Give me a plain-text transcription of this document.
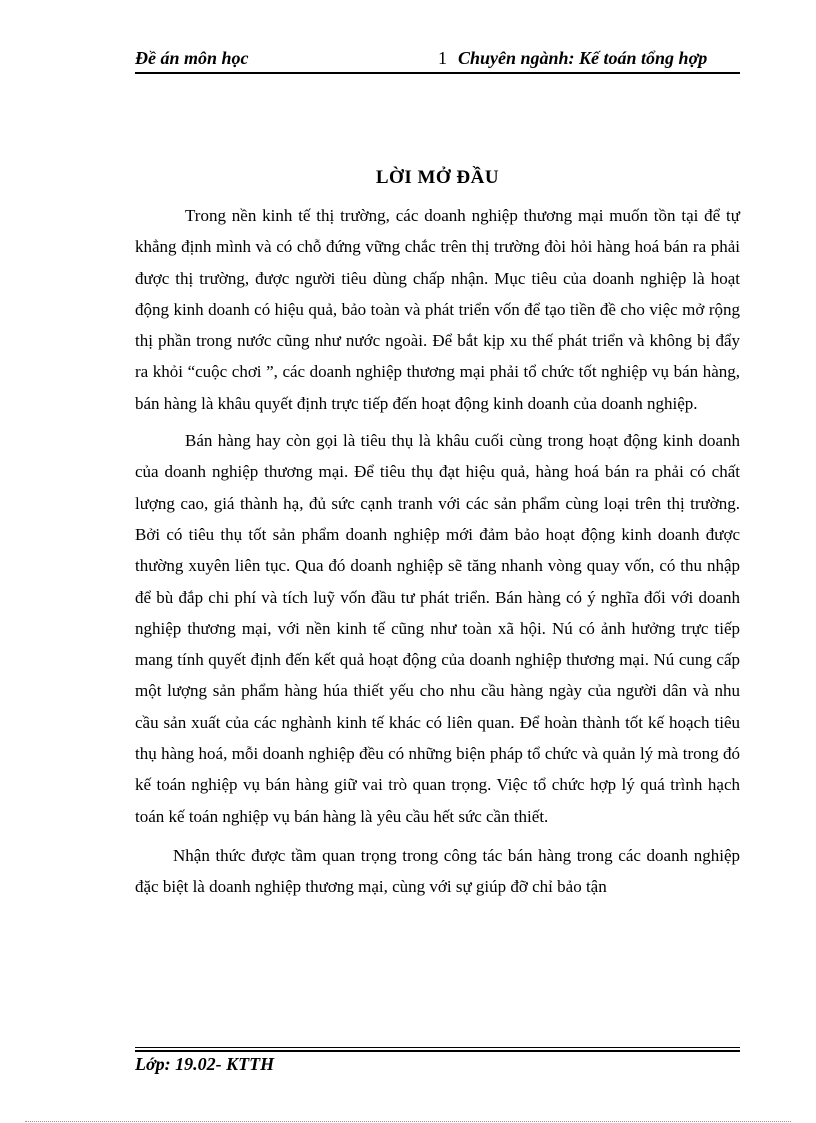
Đề án môn học	1 Chuyên ngành: Kế toán tổng hợp
LỜI MỞ ĐẦU

Trong nền kinh tế thị trường, các doanh nghiệp thương mại muốn tồn tại để tự khẳng định mình và có chỗ đứng vững chắc trên thị trường đòi hỏi hàng hoá bán ra phải được thị trường, được người tiêu dùng chấp nhận. Mục tiêu của doanh nghiệp là hoạt động kinh doanh có hiệu quả, bảo toàn và phát triển vốn để tạo tiền đề cho việc mở rộng thị phần trong nước cũng như nước ngoài. Để bắt kịp xu thế phát triển và không bị đẩy ra khỏi “cuộc chơi ”, các doanh nghiệp thương mại phải tổ chức tốt nghiệp vụ bán hàng, bán hàng là khâu quyết định trực tiếp đến hoạt động kinh doanh của doanh nghiệp.

Bán hàng hay còn gọi là tiêu thụ là khâu cuối cùng trong hoạt động kinh doanh của doanh nghiệp thương mại. Để tiêu thụ đạt hiệu quả, hàng hoá bán ra phải có chất lượng cao, giá thành hạ, đủ sức cạnh tranh với các sản phẩm cùng loại trên thị trường. Bởi có tiêu thụ tốt sản phẩm doanh nghiệp mới đảm bảo hoạt động kinh doanh được thường xuyên liên tục. Qua đó doanh nghiệp sẽ tăng nhanh vòng quay vốn, có thu nhập để bù đắp chi phí và tích luỹ vốn đầu tư phát triển. Bán hàng có ý nghĩa đối với doanh nghiệp thương mại, với nền kinh tế cũng như toàn xã hội. Nú có ảnh hưởng trực tiếp mang tính quyết định đến kết quả hoạt động của doanh nghiệp thương mại. Nú cung cấp một lượng sản phẩm hàng húa thiết yếu cho nhu cầu hàng ngày của người dân và nhu cầu sản xuất của các nghành kinh tế khác có liên quan. Để hoàn thành tốt kế hoạch tiêu thụ hàng hoá, mỗi doanh nghiệp đều có những biện pháp tổ chức và quản lý mà trong đó kế toán nghiệp vụ bán hàng giữ vai trò quan trọng. Việc tổ chức hợp lý quá trình hạch toán kế toán nghiệp vụ bán hàng là yêu cầu hết sức cần thiết.

Nhận thức được tầm quan trọng trong công tác bán hàng trong các doanh nghiệp đặc biệt là doanh nghiệp thương mại, cùng với sự giúp đỡ chỉ bảo tận

Lớp: 19.02- KTTH
